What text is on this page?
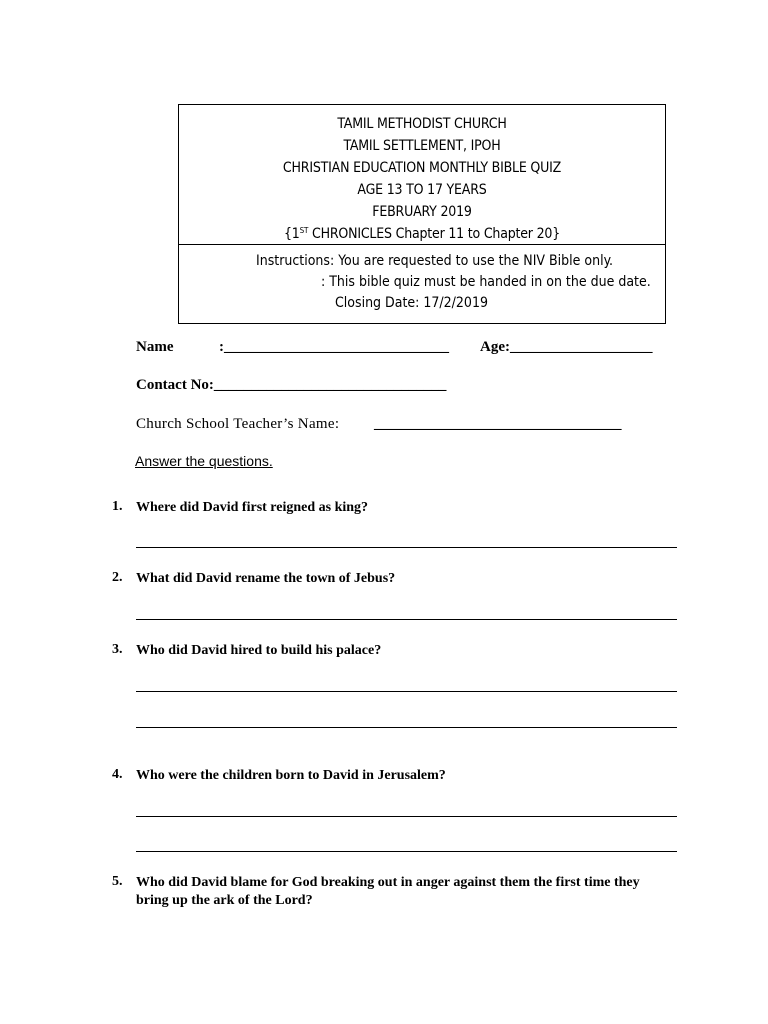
TAMIL METHODIST CHURCH
TAMIL SETTLEMENT, IPOH
CHRISTIAN EDUCATION MONTHLY BIBLE QUIZ
AGE 13 TO 17 YEARS
FEBRUARY 2019
{1ST CHRONICLES Chapter 11 to Chapter 20}
Instructions: You are requested to use the NIV Bible only.
: This bible quiz must be handed in on the due date.
Closing Date: 17/2/2019
Name	:______________________________ Age:___________________
Contact No:_______________________________
Church School Teacher’s Name: _________________________________
Answer the questions.
1. Where did David first reigned as king?
2. What did David rename the town of Jebus?
3. Who did David hired to build his palace?
4. Who were the children born to David in Jerusalem?
5. Who did David blame for God breaking out in anger against them the first time they bring up the ark of the Lord?
